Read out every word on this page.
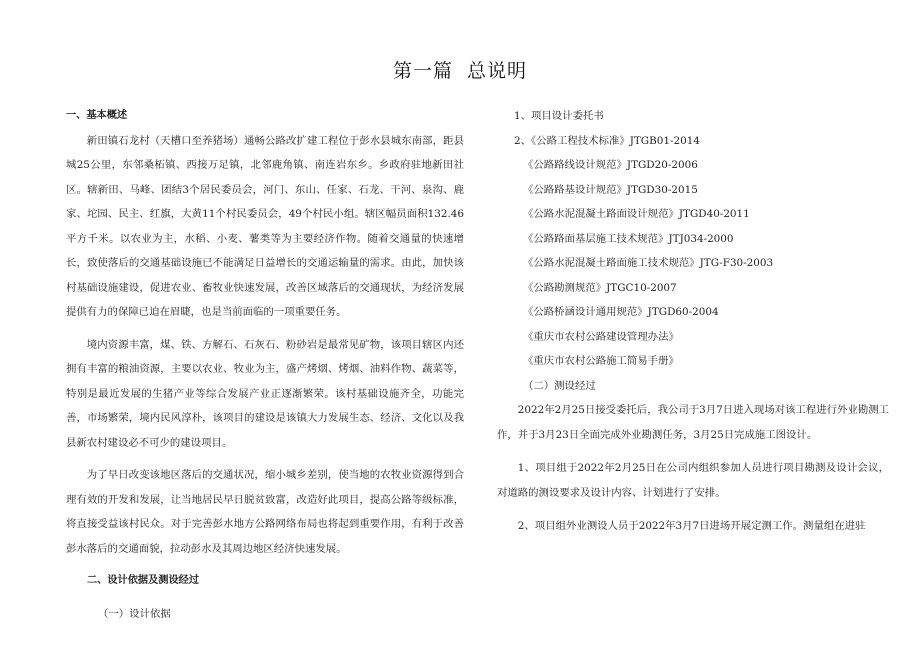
第一篇 总说明
一、基本概述

新田镇石龙村（天槽口至养猪场）通畅公路改扩建工程位于彭水县城东南部，距县城25公里，东邻桑柘镇、西接万足镇，北邻鹿角镇、南连岩东乡。乡政府驻地新田社区。辖新田、马峰、团结3个居民委员会，河门、东山、任家、石龙、干河、泉沟、鹿家、坨园、民主、红旗，大黄11个村民委员会，49个村民小组。辖区幅员面积132.46平方千米。以农业为主，水稻、小麦、薯类等为主要经济作物。随着交通量的快速增长，致使落后的交通基础设施已不能满足日益增长的交通运输量的需求。由此，加快该村基础设施建设，促进农业、畜牧业快速发展，改善区域落后的交通现状，为经济发展提供有力的保障已迫在眉睫，也是当前面临的一项重要任务。

境内资源丰富，煤、铁、方解石、石灰石、粉砂岩是最常见矿物，该项目辖区内还拥有丰富的粮油资源，主要以农业、牧业为主，盛产烤烟、烤烟、油料作物、蔬菜等，特别是最近发展的生猪产业等综合发展产业正逐渐繁荣。该村基础设施齐全，功能完善，市场繁荣，境内民风淳朴，该项目的建设是该镇大力发展生态、经济、文化以及我县新农村建设必不可少的建设项目。

为了早日改变该地区落后的交通状况，缩小城乡差别，使当地的农牧业资源得到合理有效的开发和发展，让当地居民早日脱贫致富，改造好此项目，提高公路等级标准，将直接受益该村民众。对于完善彭水地方公路网络布局也将起到重要作用，有利于改善彭水落后的交通面貌，拉动彭水及其周边地区经济快速发展。

二、设计依据及测设经过
（一）设计依据

1、项目设计委托书

2、《公路工程技术标准》JTGB01-2014

《公路路线设计规范》JTGD20-2006

《公路路基设计规范》JTGD30-2015

《公路水泥混凝土路面设计规范》JTGD40-2011

《公路路面基层施工技术规范》JTJ034-2000

《公路水泥混凝土路面施工技术规范》JTG-F30-2003

《公路勘测规范》JTGC10-2007

《公路桥涵设计通用规范》JTGD60-2004

《重庆市农村公路建设管理办法》

《重庆市农村公路施工简易手册》

（二）测设经过

2022年2月25日接受委托后，我公司于3月7日进入现场对该工程进行外业勘测工作，并于3月23日全面完成外业勘测任务，3月25日完成施工图设计。

1、项目组于2022年2月25日在公司内组织参加人员进行项目勘测及设计会议，对道路的测设要求及设计内容、计划进行了安排。

2、项目组外业测设人员于2022年3月7日进场开展定测工作。测量组在进驻
